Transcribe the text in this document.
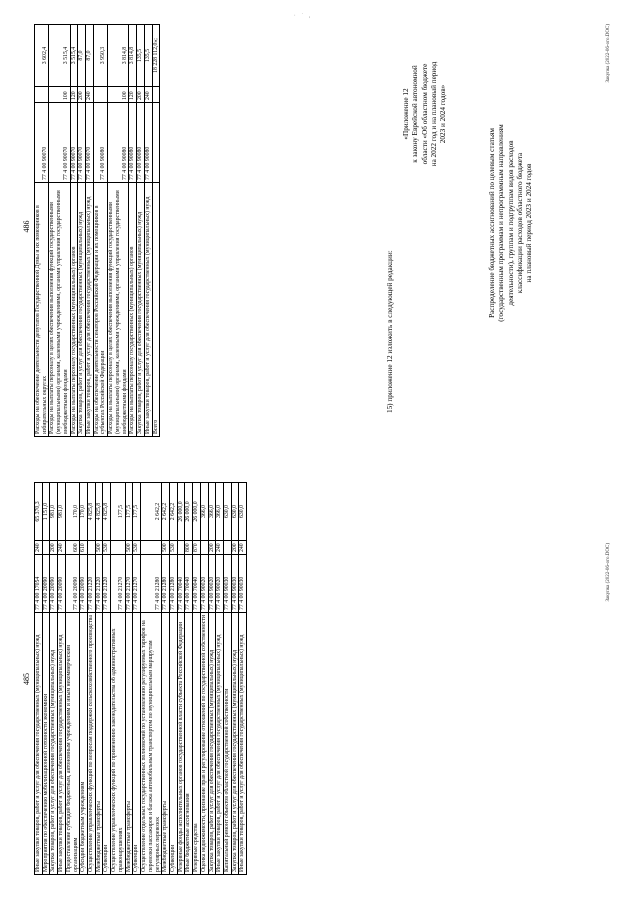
· ˙ ,
485 Иные закупки товаров, работ и услуг для обеспечения государственных (муниципальных) нужд	77 4 00 17054	240	65 370,3
Мероприятия по обеспечению мобилизационной готовности экономики	77 4 00 20090		1 151,0
Закупка товаров, работ и услуг для обеспечения государственных (муниципальных) нужд	77 4 00 20090	200	981,0
Иные закупки товаров, работ и услуг для обеспечения государственных (муниципальных) нужд	77 4 00 20090	240	981,0
Предоставление субсидий бюджетным, автономным учреждениям и иным некоммерческим организациям	77 4 00 20090	600	170,0
Субсидии бюджетным учреждениям	77 4 00 20090	610	170,0
Осуществление управленческих функций по вопросам поддержки сельскохозяйственного производства	77 4 00 21220		4 825,8
Межбюджетные трансферты	77 4 00 21220	500	4 825,8
Субвенции	77 4 00 21220	530	4 825,8
Осуществление управленческих функций по применению законодательства об административных правонарушениях	77 4 00 21270		177,5
Межбюджетные трансферты	77 4 00 21270	500	177,5
Субвенции	77 4 00 21270	530	177,5
Осуществление отдельных государственных полномочий по установлению регулируемых тарифов на перевозки пассажиров и багажа автомобильным транспортом по муниципальным маршрутам регулярных перевозок	77 4 00 21280		2 642,2
Межбюджетные трансферты	77 4 00 21280	500	2 642,2
Субвенции	77 4 00 21280	530	2 642,2
Резервные фонды исполнительных органов государственной власти субъекта Российской Федерации	77 4 00 70040		26 000,0
Иные бюджетные ассигнования	77 4 00 70040	800	26 000,0
Резервные средства	77 4 00 70040	870	26 000,0
Оценка недвижимости, признание прав и регулирование отношений по государственной собственности	77 4 00 90020		366,0
Закупка товаров, работ и услуг для обеспечения государственных (муниципальных) нужд	77 4 00 90020	200	366,0
Иные закупки товаров, работ и услуг для обеспечения государственных (муниципальных) нужд	77 4 00 90020	240	366,0
Капитальный ремонт объектов областной государственной собственности	77 4 00 90030		630,0
Закупка товаров, работ и услуг для обеспечения государственных (муниципальных) нужд	77 4 00 90030	200	630,0
Иные закупки товаров, работ и услуг для обеспечения государственных (муниципальных) нужд	77 4 00 90030	240	630,0
Закупка (2022-06-ого.DOC)
486 Расходы на обеспечение деятельности депутатов Государственной Думы и их помощников в избирательных округах	77 4 00 90070		3 602,4
Расходы на выплаты персоналу в целях обеспечения выполнения функций государственными (муниципальными) органами, казенными учреждениями, органами управления государственными внебюджетными фондами	77 4 00 90070	100	3 515,4
Расходы на выплаты персоналу государственных (муниципальных) органов	77 4 00 90070	120	3 515,4
Закупка товаров, работ и услуг для обеспечения государственных (муниципальных) нужд	77 4 00 90070	200	87,0
Иные закупки товаров, работ и услуг для обеспечения государственных (муниципальных) нужд	77 4 00 90070	240	87,0
Расходы на обеспечение деятельности сенаторов Российской Федерации и их помощников в субъектах Российской Федерации	77 4 00 90080		3 950,3
Расходы на выплаты персоналу в целях обеспечения выполнения функций государственными (муниципальными) органами, казенными учреждениями, органами управления государственными внебюджетными фондами	77 4 00 90080	100	3 814,8
Расходы на выплаты персоналу государственных (муниципальных) органов	77 4 00 90080	120	3 814,8
Закупка товаров, работ и услуг для обеспечения государственных (муниципальных) нужд	77 4 00 90080	200	135,5
Иные закупки товаров, работ и услуг для обеспечения государственных (муниципальных) нужд	77 4 00 90080	240	135,5
Всего			18 228 112,0»;
15) приложение 12 изложить в следующей редакции:
«Приложение 12 к закону Еврейской автономной области «Об областном бюджете на 2022 год и на плановый период 2023 и 2024 годов»
Распределение бюджетных ассигнований по целевым статьям (государственным программам и непрограммным направлениям деятельности), группам и подгруппам видов расходов классификации расходов областного бюджета на плановый период 2023 и 2024 годов
Закупка (2022-06-ого.DOC)
